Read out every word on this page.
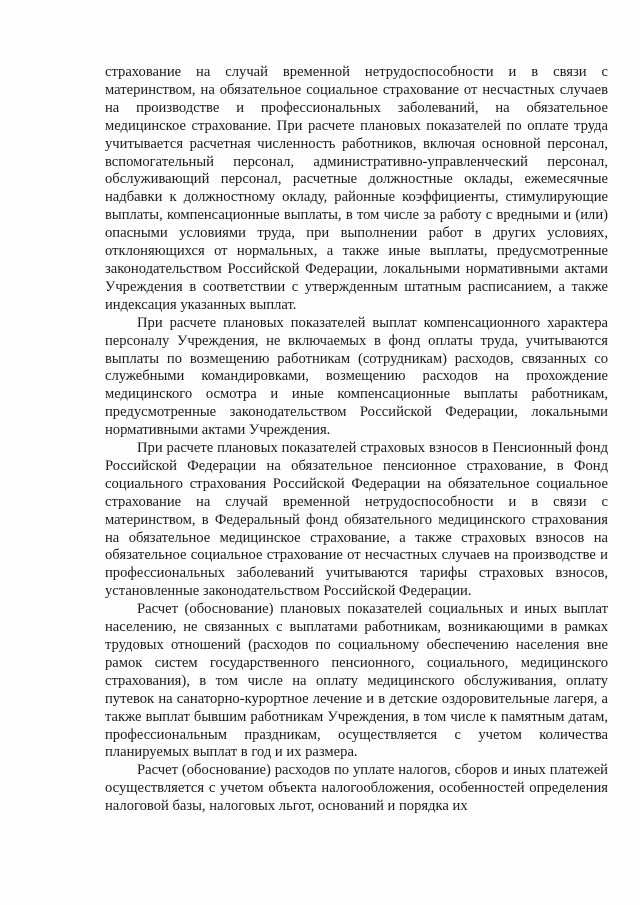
страхование на случай временной нетрудоспособности и в связи с материнством, на обязательное социальное страхование от несчастных случаев на производстве и профессиональных заболеваний, на обязательное медицинское страхование. При расчете плановых показателей по оплате труда учитывается расчетная численность работников, включая основной персонал, вспомогательный персонал, административно-управленческий персонал, обслуживающий персонал, расчетные должностные оклады, ежемесячные надбавки к должностному окладу, районные коэффициенты, стимулирующие выплаты, компенсационные выплаты, в том числе за работу с вредными и (или) опасными условиями труда, при выполнении работ в других условиях, отклоняющихся от нормальных, а также иные выплаты, предусмотренные законодательством Российской Федерации, локальными нормативными актами Учреждения в соответствии с утвержденным штатным расписанием, а также индексация указанных выплат.

При расчете плановых показателей выплат компенсационного характера персоналу Учреждения, не включаемых в фонд оплаты труда, учитываются выплаты по возмещению работникам (сотрудникам) расходов, связанных со служебными командировками, возмещению расходов на прохождение медицинского осмотра и иные компенсационные выплаты работникам, предусмотренные законодательством Российской Федерации, локальными нормативными актами Учреждения.

При расчете плановых показателей страховых взносов в Пенсионный фонд Российской Федерации на обязательное пенсионное страхование, в Фонд социального страхования Российской Федерации на обязательное социальное страхование на случай временной нетрудоспособности и в связи с материнством, в Федеральный фонд обязательного медицинского страхования на обязательное медицинское страхование, а также страховых взносов на обязательное социальное страхование от несчастных случаев на производстве и профессиональных заболеваний учитываются тарифы страховых взносов, установленные законодательством Российской Федерации.

Расчет (обоснование) плановых показателей социальных и иных выплат населению, не связанных с выплатами работникам, возникающими в рамках трудовых отношений (расходов по социальному обеспечению населения вне рамок систем государственного пенсионного, социального, медицинского страхования), в том числе на оплату медицинского обслуживания, оплату путевок на санаторно-курортное лечение и в детские оздоровительные лагеря, а также выплат бывшим работникам Учреждения, в том числе к памятным датам, профессиональным праздникам, осуществляется с учетом количества планируемых выплат в год и их размера.

Расчет (обоснование) расходов по уплате налогов, сборов и иных платежей осуществляется с учетом объекта налогообложения, особенностей определения налоговой базы, налоговых льгот, оснований и порядка их
